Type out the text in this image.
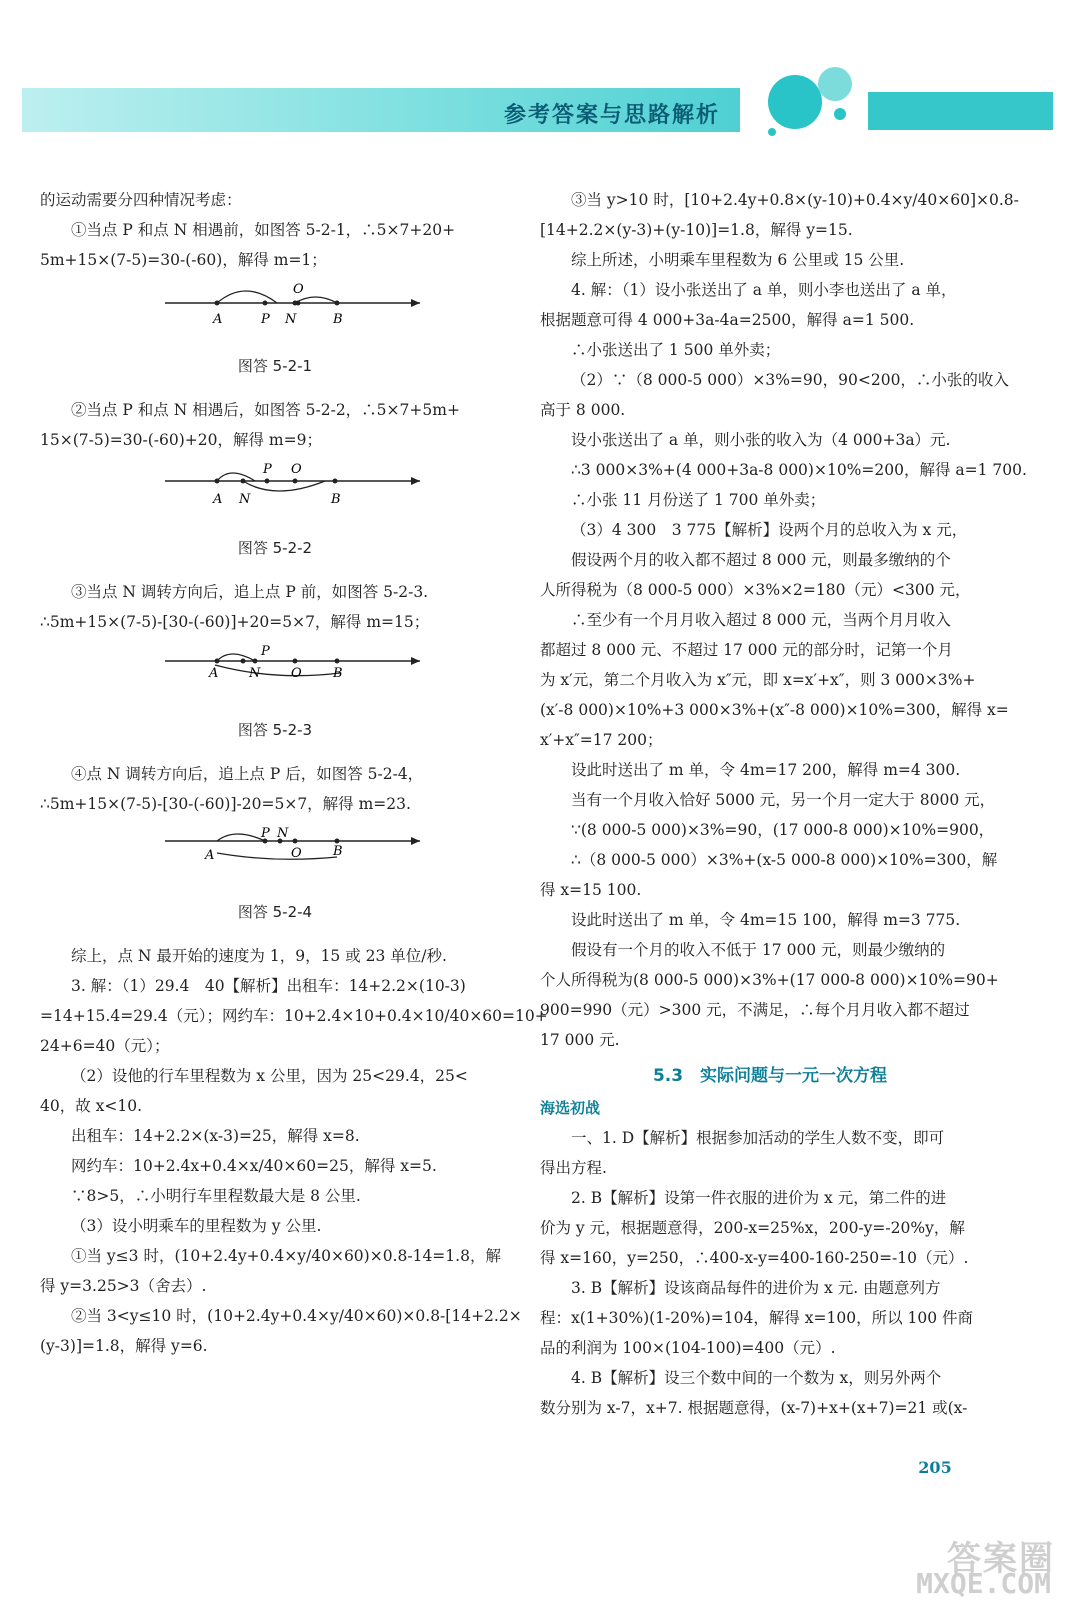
参考答案与思路解析

的运动需要分四种情况考虑：

①当点 P 和点 N 相遇前，如图答 5-2-1，∴5×7+20+

5m+15×(7-5)=30-(-60)，解得 m=1；

A	P N
O
B
图答 5-2-1

②当点 P 和点 N 相遇后，如图答 5-2-2，∴5×7+5m+

15×(7-5)=30-(-60)+20，解得 m=9；

A N
P O
B
图答 5-2-2

③当点 N 调转方向后，追上点 P 前，如图答 5-2-3.

∴5m+15×(7-5)-[30-(-60)]+20=5×7，解得 m=15；

A N
P
O B
图答 5-2-3

④点 N 调转方向后，追上点 P 后，如图答 5-2-4，

∴5m+15×(7-5)-[30-(-60)]-20=5×7，解得 m=23.

A
P N
O B
图答 5-2-4

综上，点 N 最开始的速度为 1，9，15 或 23 单位/秒.

3. 解：（1）29.4　40【解析】出租车：14+2.2×(10-3)

=14+15.4=29.4（元）；网约车：10+2.4×10+0.4×10/40×60=10+

24+6=40（元）；

（2）设他的行车里程数为 x 公里，因为 25<29.4，25<

40，故 x<10.

出租车：14+2.2×(x-3)=25，解得 x=8.

网约车：10+2.4x+0.4×x/40×60=25，解得 x=5.

∵8>5，∴小明行车里程数最大是 8 公里.

（3）设小明乘车的里程数为 y 公里.

①当 y≤3 时，(10+2.4y+0.4×y/40×60)×0.8-14=1.8，解

得 y=3.25>3（舍去）.

②当 3<y≤10 时，(10+2.4y+0.4×y/40×60)×0.8-[14+2.2×

(y-3)]=1.8，解得 y=6.

③当 y>10 时，[10+2.4y+0.8×(y-10)+0.4×y/40×60]×0.8-

[14+2.2×(y-3)+(y-10)]=1.8，解得 y=15.

综上所述，小明乘车里程数为 6 公里或 15 公里.

4. 解：（1）设小张送出了 a 单，则小李也送出了 a 单，

根据题意可得 4 000+3a-4a=2500，解得 a=1 500.

∴小张送出了 1 500 单外卖；

（2）∵（8 000-5 000）×3%=90，90<200，∴小张的收入

高于 8 000.

设小张送出了 a 单，则小张的收入为（4 000+3a）元.

∴3 000×3%+(4 000+3a-8 000)×10%=200，解得 a=1 700.

∴小张 11 月份送了 1 700 单外卖；

（3）4 300　3 775【解析】设两个月的总收入为 x 元，

假设两个月的收入都不超过 8 000 元，则最多缴纳的个

人所得税为（8 000-5 000）×3%×2=180（元）<300 元，

∴至少有一个月月收入超过 8 000 元，当两个月月收入

都超过 8 000 元、不超过 17 000 元的部分时，记第一个月

为 x′元，第二个月收入为 x″元，即 x=x′+x″，则 3 000×3%+

(x′-8 000)×10%+3 000×3%+(x″-8 000)×10%=300，解得 x=

x′+x″=17 200；

设此时送出了 m 单，令 4m=17 200，解得 m=4 300.

当有一个月收入恰好 5000 元，另一个月一定大于 8000 元，

∵(8 000-5 000)×3%=90，(17 000-8 000)×10%=900，

∴（8 000-5 000）×3%+(x-5 000-8 000)×10%=300，解

得 x=15 100.

设此时送出了 m 单，令 4m=15 100，解得 m=3 775.

假设有一个月的收入不低于 17 000 元，则最少缴纳的

个人所得税为(8 000-5 000)×3%+(17 000-8 000)×10%=90+

900=990（元）>300 元，不满足，∴每个月月收入都不超过

17 000 元.

5.3　实际问题与一元一次方程
海选初战

一、1. D【解析】根据参加活动的学生人数不变，即可

得出方程.

2. B【解析】设第一件衣服的进价为 x 元，第二件的进

价为 y 元，根据题意得，200-x=25%x，200-y=-20%y，解

得 x=160，y=250，∴400-x-y=400-160-250=-10（元）.

3. B【解析】设该商品每件的进价为 x 元. 由题意列方

程：x(1+30%)(1-20%)=104，解得 x=100，所以 100 件商

品的利润为 100×(104-100)=400（元）.

4. B【解析】设三个数中间的一个数为 x，则另外两个

数分别为 x-7，x+7. 根据题意得，(x-7)+x+(x+7)=21 或(x-

205
答案圈
MXQE.COM
